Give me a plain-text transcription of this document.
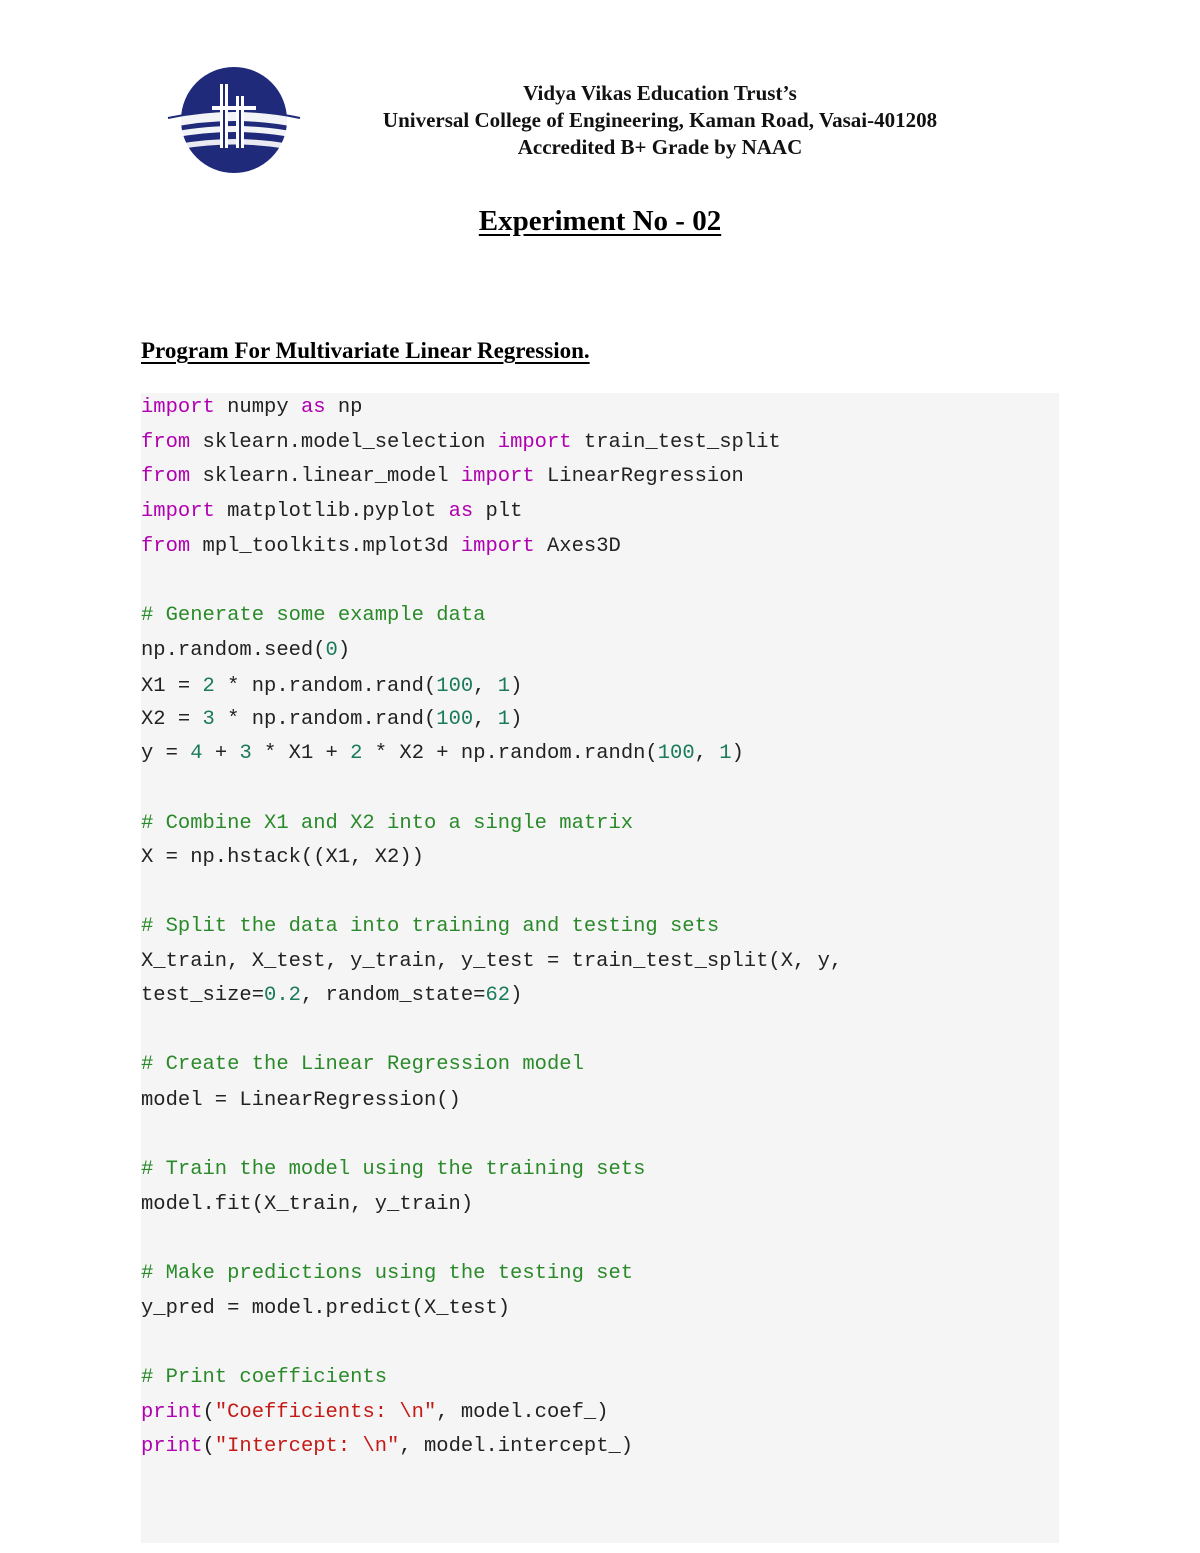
Vidya Vikas Education Trust’s
Universal College of Engineering, Kaman Road, Vasai-401208
Accredited B+ Grade by NAAC
Experiment No - 02
Program For Multivariate Linear Regression.

import numpy as np

from sklearn.model_selection import train_test_split

from sklearn.linear_model import LinearRegression

import matplotlib.pyplot as plt

from mpl_toolkits.mplot3d import Axes3D

# Generate some example data

np.random.seed(0)

X1 = 2 * np.random.rand(100, 1)

X2 = 3 * np.random.rand(100, 1)

y = 4 + 3 * X1 + 2 * X2 + np.random.randn(100, 1)

# Combine X1 and X2 into a single matrix

X = np.hstack((X1, X2))

# Split the data into training and testing sets

X_train, X_test, y_train, y_test = train_test_split(X, y,

test_size=0.2, random_state=62)

# Create the Linear Regression model

model = LinearRegression()

# Train the model using the training sets

model.fit(X_train, y_train)

# Make predictions using the testing set

y_pred = model.predict(X_test)

# Print coefficients

print("Coefficients: \n", model.coef_)

print("Intercept: \n", model.intercept_)
